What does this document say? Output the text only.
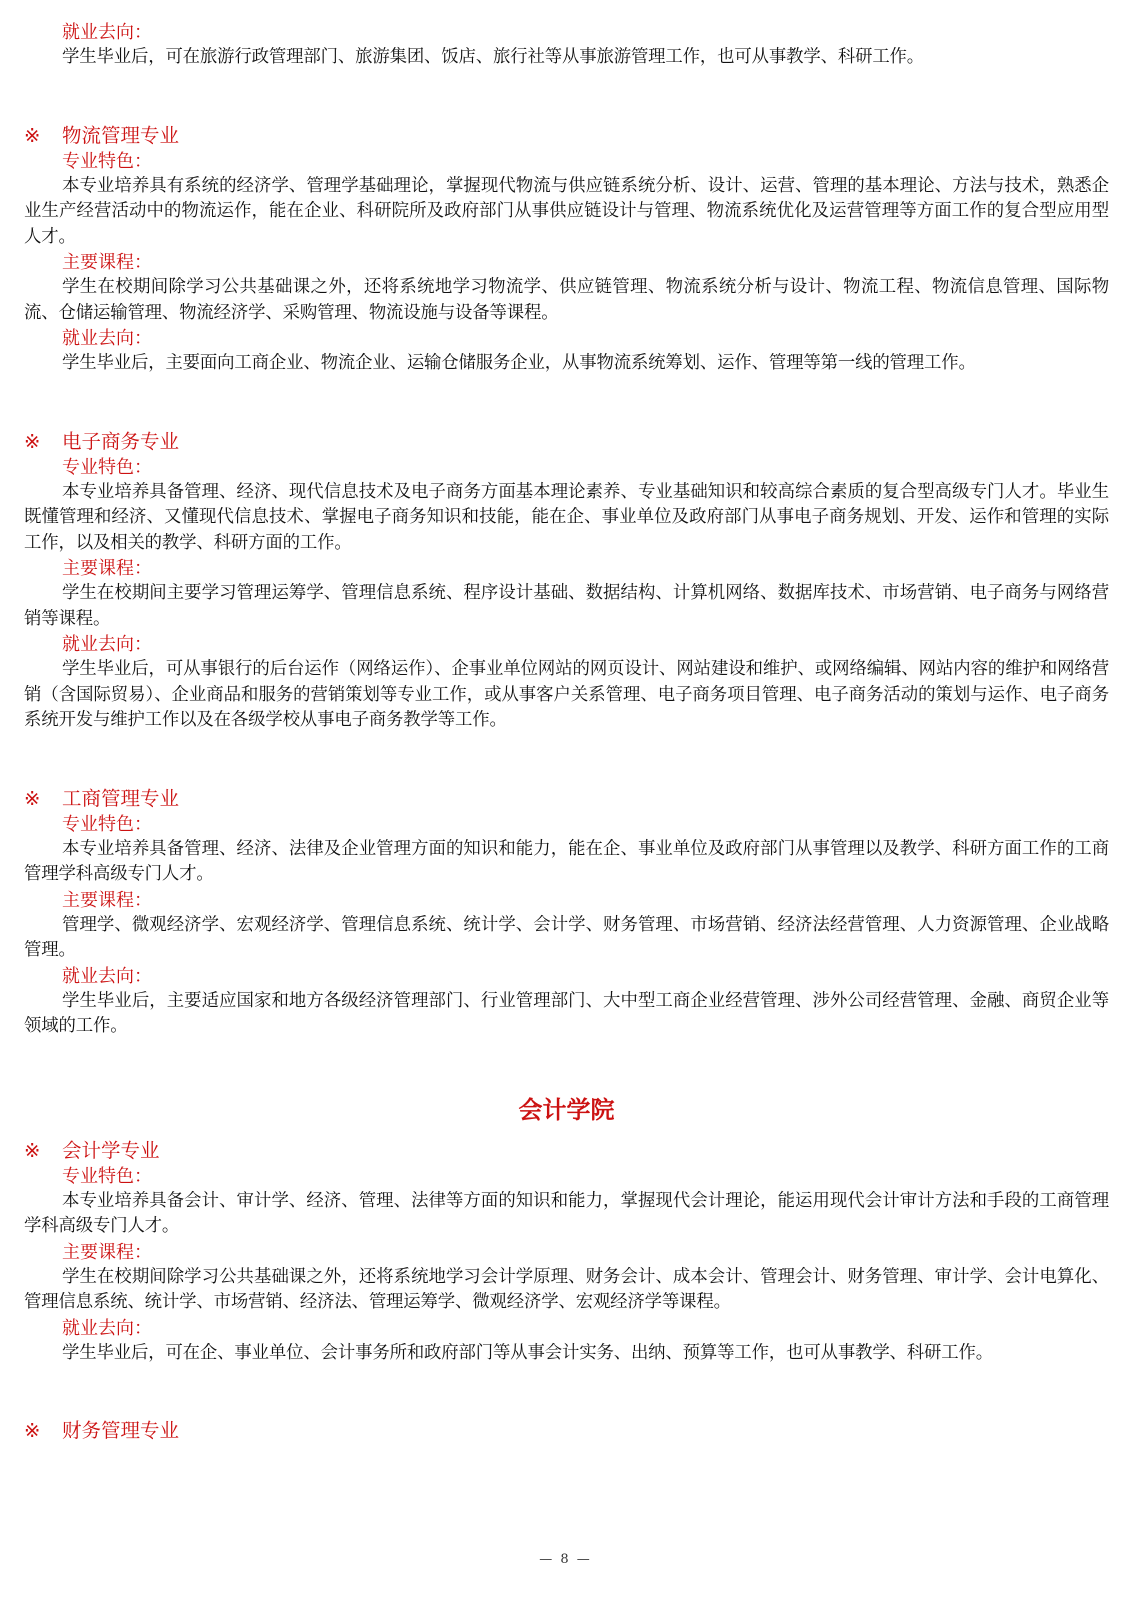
就业去向：

学生毕业后，可在旅游行政管理部门、旅游集团、饭店、旅行社等从事旅游管理工作，也可从事教学、科研工作。

※ 物流管理专业

专业特色：

本专业培养具有系统的经济学、管理学基础理论，掌握现代物流与供应链系统分析、设计、运营、管理的基本理论、方法与技术，熟悉企业生产经营活动中的物流运作，能在企业、科研院所及政府部门从事供应链设计与管理、物流系统优化及运营管理等方面工作的复合型应用型人才。

主要课程：

学生在校期间除学习公共基础课之外，还将系统地学习物流学、供应链管理、物流系统分析与设计、物流工程、物流信息管理、国际物流、仓储运输管理、物流经济学、采购管理、物流设施与设备等课程。

就业去向：

学生毕业后，主要面向工商企业、物流企业、运输仓储服务企业，从事物流系统筹划、运作、管理等第一线的管理工作。

※ 电子商务专业

专业特色：

本专业培养具备管理、经济、现代信息技术及电子商务方面基本理论素养、专业基础知识和较高综合素质的复合型高级专门人才。毕业生既懂管理和经济、又懂现代信息技术、掌握电子商务知识和技能，能在企、事业单位及政府部门从事电子商务规划、开发、运作和管理的实际工作，以及相关的教学、科研方面的工作。

主要课程：

学生在校期间主要学习管理运筹学、管理信息系统、程序设计基础、数据结构、计算机网络、数据库技术、市场营销、电子商务与网络营销等课程。

就业去向：

学生毕业后，可从事银行的后台运作（网络运作）、企事业单位网站的网页设计、网站建设和维护、或网络编辑、网站内容的维护和网络营销（含国际贸易）、企业商品和服务的营销策划等专业工作，或从事客户关系管理、电子商务项目管理、电子商务活动的策划与运作、电子商务系统开发与维护工作以及在各级学校从事电子商务教学等工作。

※ 工商管理专业

专业特色：

本专业培养具备管理、经济、法律及企业管理方面的知识和能力，能在企、事业单位及政府部门从事管理以及教学、科研方面工作的工商管理学科高级专门人才。

主要课程：

管理学、微观经济学、宏观经济学、管理信息系统、统计学、会计学、财务管理、市场营销、经济法经营管理、人力资源管理、企业战略管理。

就业去向：

学生毕业后，主要适应国家和地方各级经济管理部门、行业管理部门、大中型工商企业经营管理、涉外公司经营管理、金融、商贸企业等领域的工作。

会计学院

※ 会计学专业

专业特色：

本专业培养具备会计、审计学、经济、管理、法律等方面的知识和能力，掌握现代会计理论，能运用现代会计审计方法和手段的工商管理学科高级专门人才。

主要课程：

学生在校期间除学习公共基础课之外，还将系统地学习会计学原理、财务会计、成本会计、管理会计、财务管理、审计学、会计电算化、管理信息系统、统计学、市场营销、经济法、管理运筹学、微观经济学、宏观经济学等课程。

就业去向：

学生毕业后，可在企、事业单位、会计事务所和政府部门等从事会计实务、出纳、预算等工作，也可从事教学、科研工作。

※ 财务管理专业

— 8 —
